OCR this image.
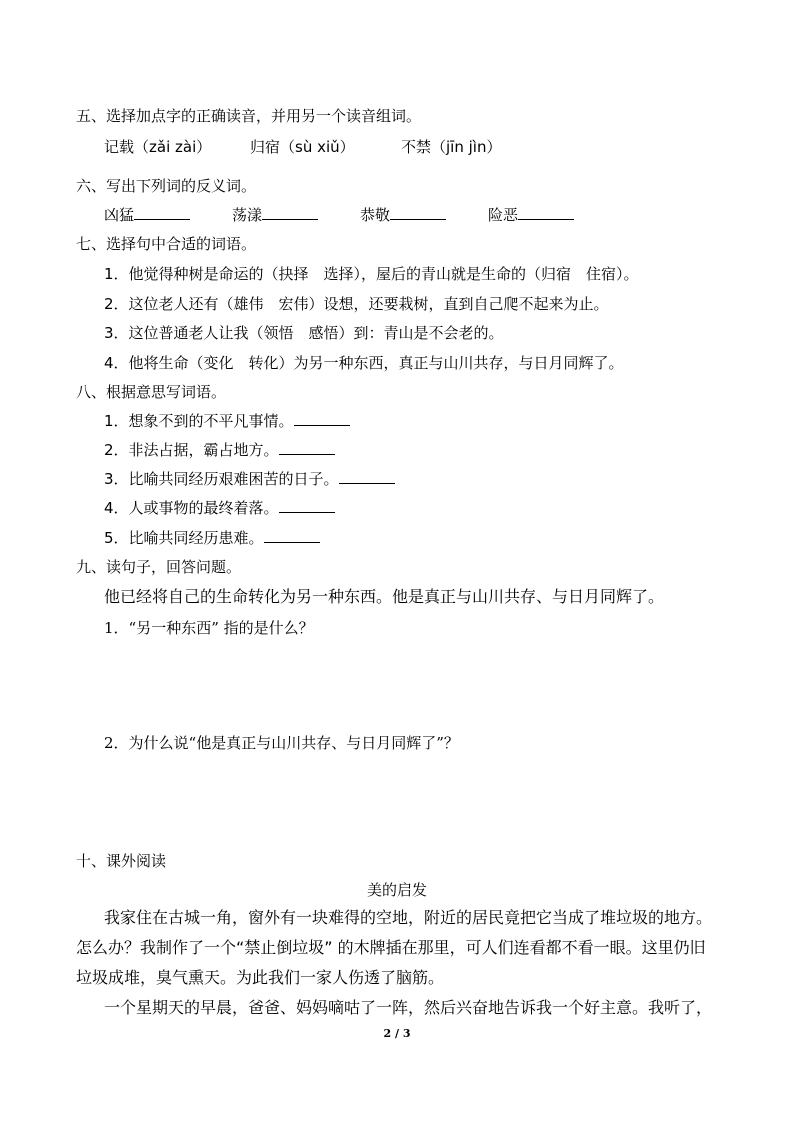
五、选择加点字的正确读音，并用另一个读音组词。
记载（zǎi zài）	归宿（sù xiǔ）	不禁（jīn jìn）
六、写出下列词的反义词。
凶猛	荡漾	恭敬	险恶
七、选择句中合适的词语。
1．他觉得种树是命运的（抉择　选择），屋后的青山就是生命的（归宿　住宿）。
2．这位老人还有（雄伟　宏伟）设想，还要栽树，直到自己爬不起来为止。
3．这位普通老人让我（领悟　感悟）到：青山是不会老的。
4．他将生命（变化　转化）为另一种东西，真正与山川共存，与日月同辉了。
八、根据意思写词语。
1．想象不到的不平凡事情。
2．非法占据，霸占地方。
3．比喻共同经历艰难困苦的日子。
4．人或事物的最终着落。
5．比喻共同经历患难。
九、读句子，回答问题。
他已经将自己的生命转化为另一种东西。他是真正与山川共存、与日月同辉了。
1．“另一种东西” 指的是什么？
2．为什么说“他是真正与山川共存、与日月同辉了”？
十、课外阅读
美的启发
我家住在古城一角，窗外有一块难得的空地，附近的居民竟把它当成了堆垃圾的地方。
怎么办？我制作了一个“禁止倒垃圾” 的木牌插在那里，可人们连看都不看一眼。这里仍旧
垃圾成堆，臭气熏天。为此我们一家人伤透了脑筋。
一个星期天的早晨，爸爸、妈妈嘀咕了一阵，然后兴奋地告诉我一个好主意。我听了，
2 / 3
